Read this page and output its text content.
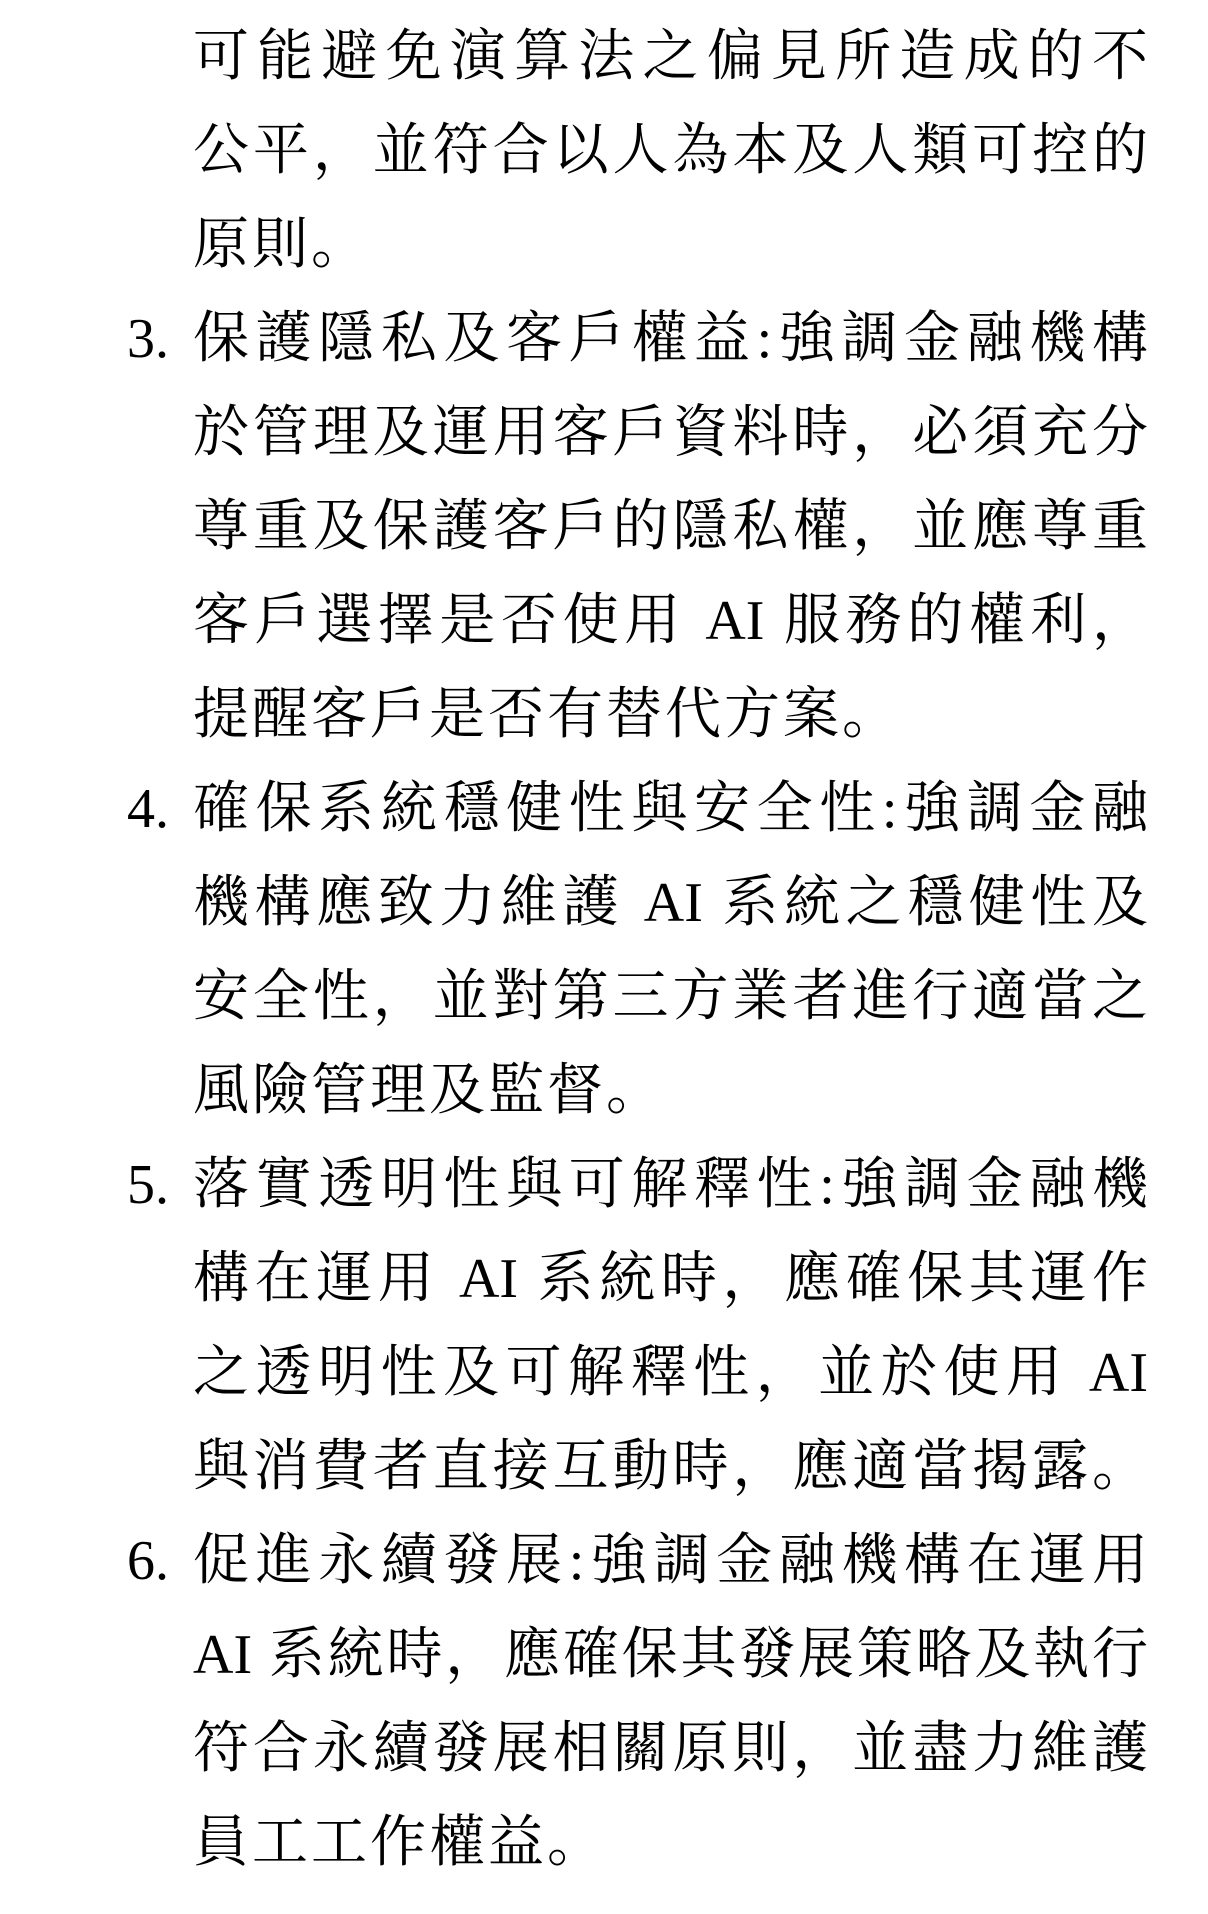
可能避免演算法之偏見所造成的不
公平，並符合以人為本及人類可控的
原則。
3. 保護隱私及客戶權益:強調金融機構
於管理及運用客戶資料時，必須充分
尊重及保護客戶的隱私權，並應尊重
客戶選擇是否使用 AI 服務的權利，
提醒客戶是否有替代方案。
4. 確保系統穩健性與安全性:強調金融
機構應致力維護 AI 系統之穩健性及
安全性，並對第三方業者進行適當之
風險管理及監督。
5. 落實透明性與可解釋性:強調金融機
構在運用 AI 系統時，應確保其運作
之透明性及可解釋性，並於使用 AI
與消費者直接互動時，應適當揭露。
6. 促進永續發展:強調金融機構在運用
AI 系統時，應確保其發展策略及執行
符合永續發展相關原則，並盡力維護
員工工作權益。
